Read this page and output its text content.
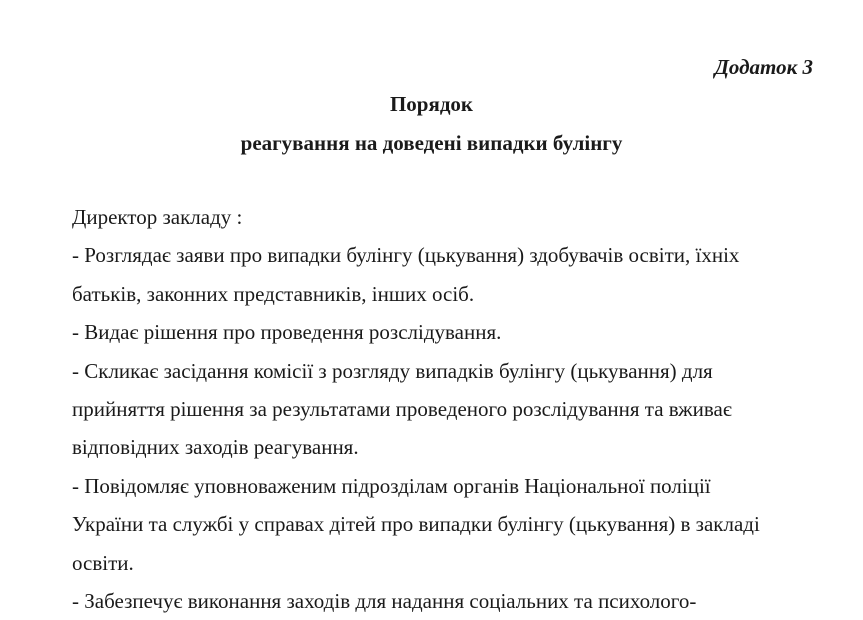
Додаток 3
Порядок
реагування на доведені випадки булінгу
Директор закладу :
- Розглядає заяви про випадки булінгу (цькування) здобувачів освіти, їхніх
батьків, законних представників, інших осіб.
- Видає рішення про проведення розслідування.
- Скликає засідання комісії з розгляду випадків булінгу (цькування) для
прийняття рішення за результатами проведеного розслідування та вживає
відповідних заходів реагування.
- Повідомляє уповноваженим підрозділам органів Національної поліції
України та службі у справах дітей про випадки булінгу (цькування) в закладі
освіти.
- Забезпечує виконання заходів для надання соціальних та психолого-
